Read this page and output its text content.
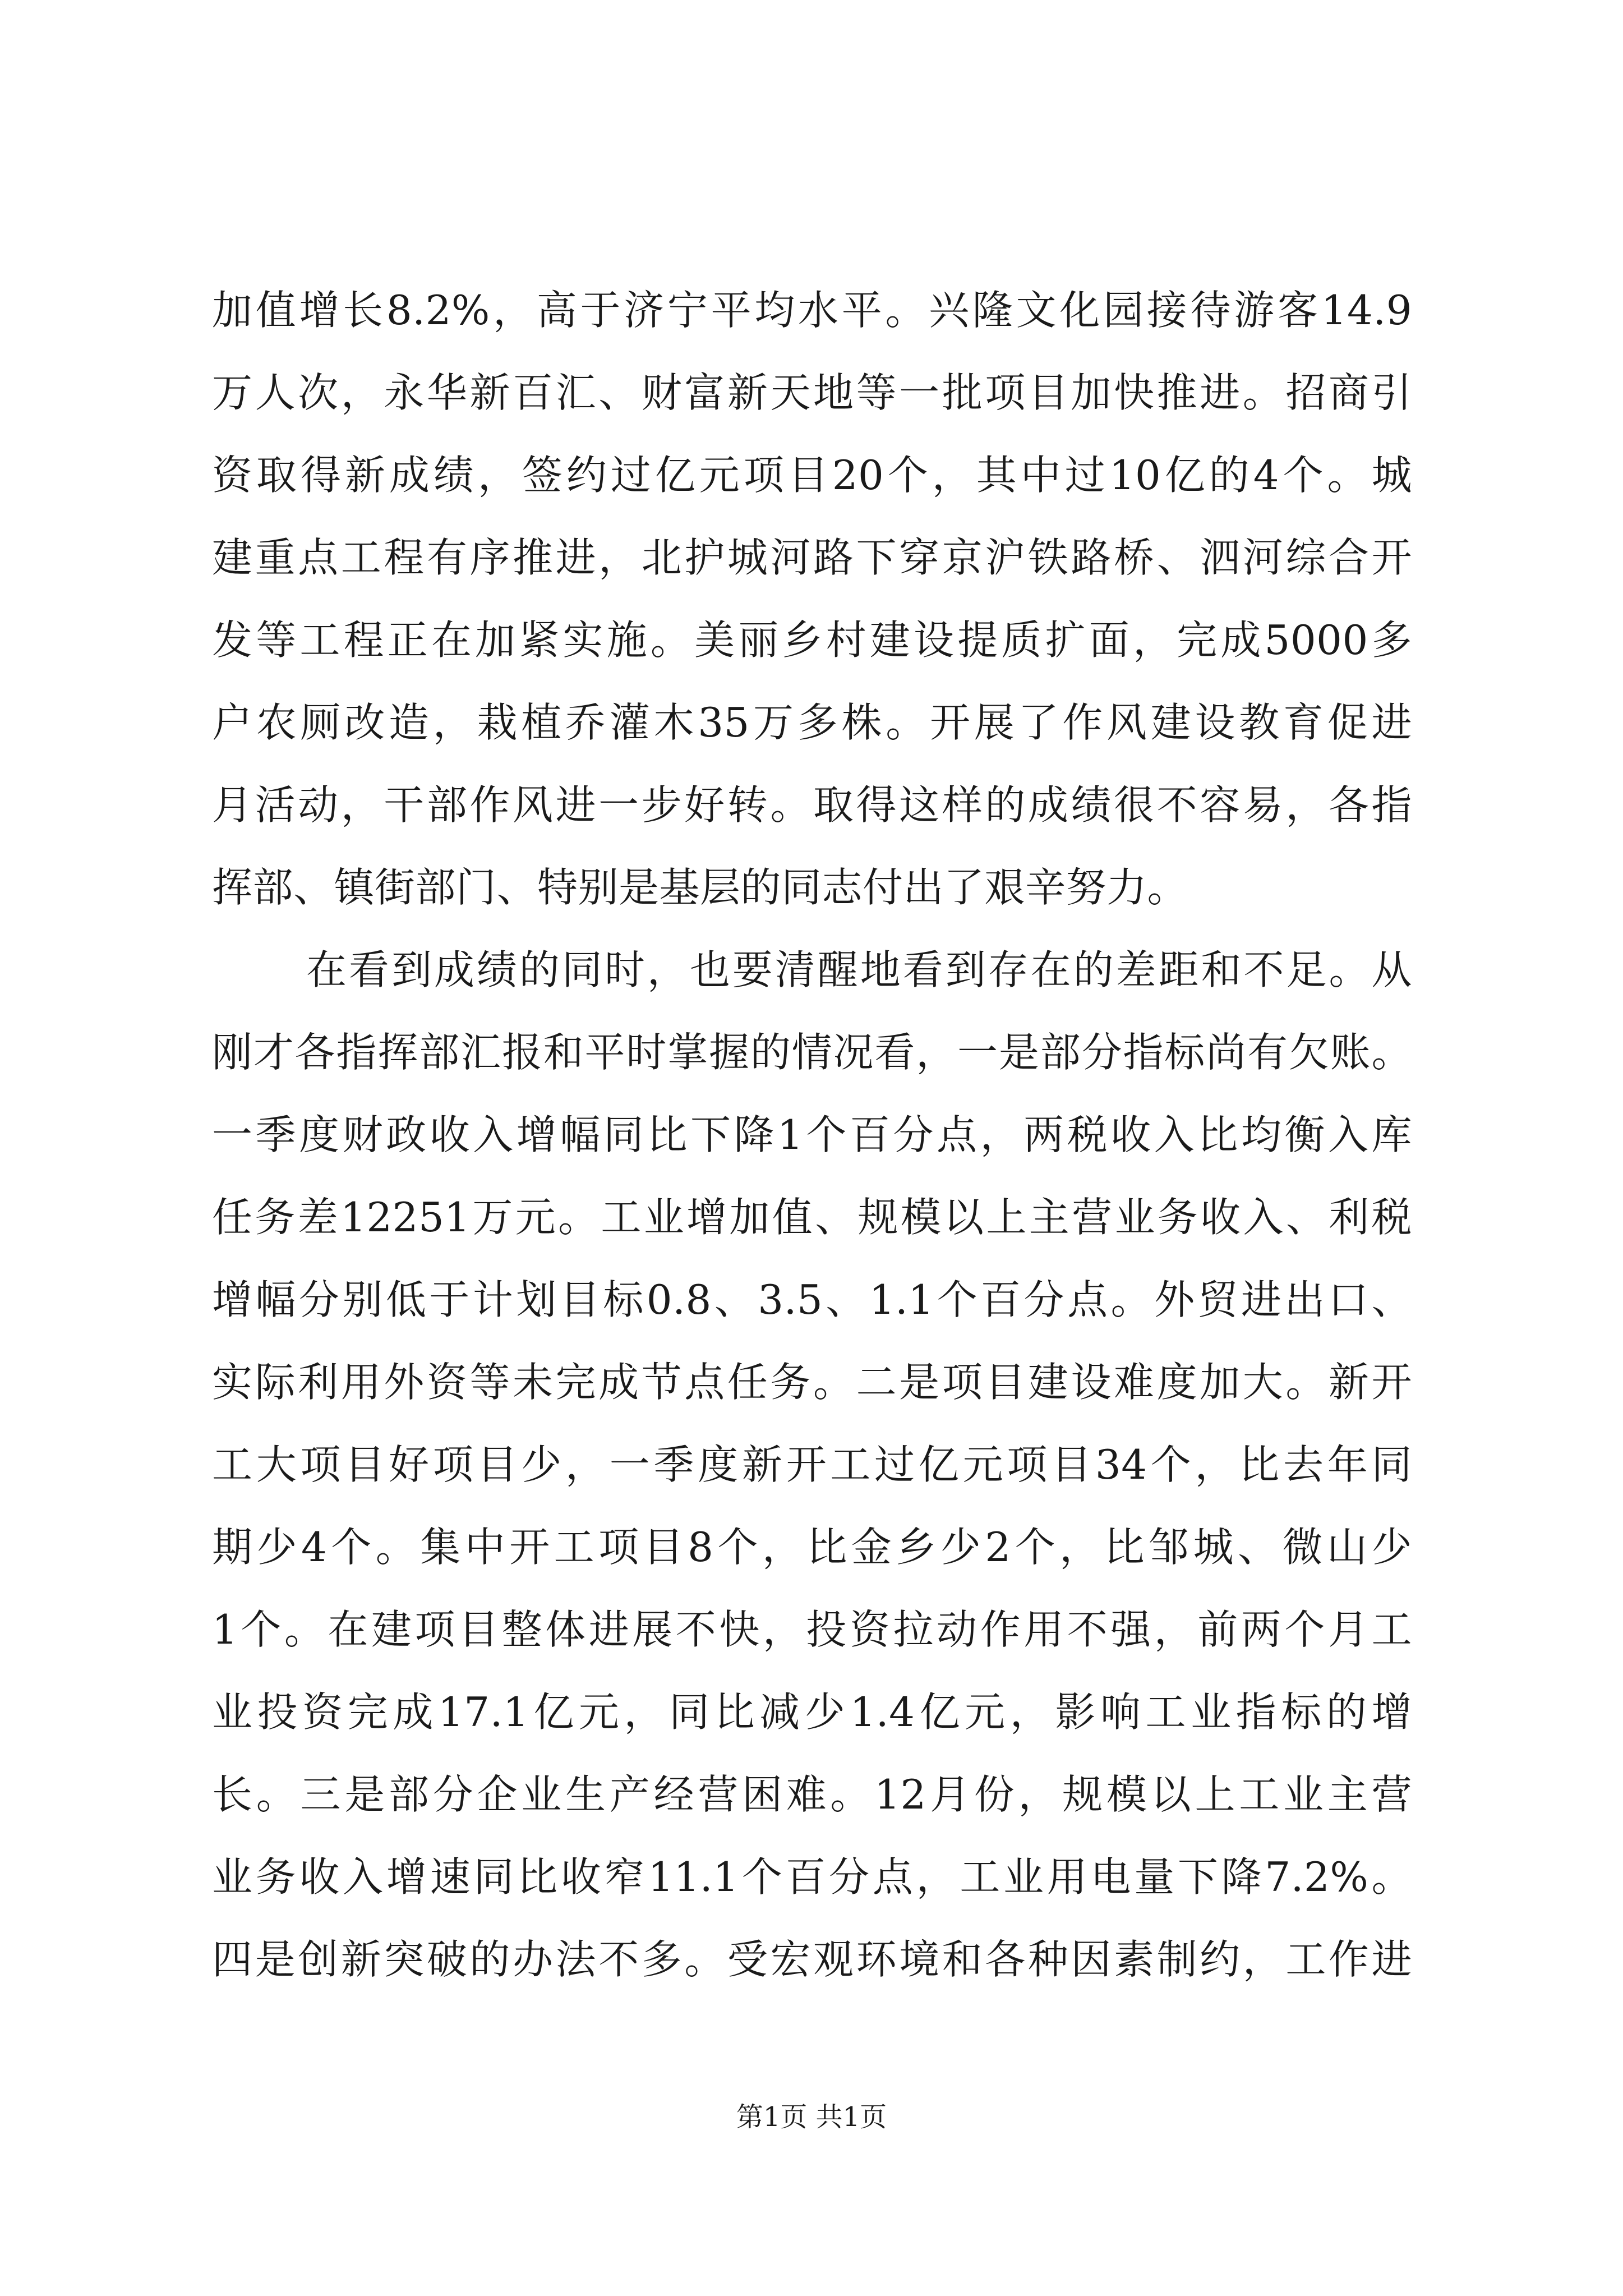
加值增长8.2%，高于济宁平均水平。兴隆文化园接待游客14.9
万人次，永华新百汇、财富新天地等一批项目加快推进。招商引
资取得新成绩，签约过亿元项目20个，其中过10亿的4个。城
建重点工程有序推进，北护城河路下穿京沪铁路桥、泗河综合开
发等工程正在加紧实施。美丽乡村建设提质扩面，完成5000多
户农厕改造，栽植乔灌木35万多株。开展了作风建设教育促进
月活动，干部作风进一步好转。取得这样的成绩很不容易，各指
挥部、镇街部门、特别是基层的同志付出了艰辛努力。
在看到成绩的同时，也要清醒地看到存在的差距和不足。从
刚才各指挥部汇报和平时掌握的情况看，一是部分指标尚有欠账。
一季度财政收入增幅同比下降1个百分点，两税收入比均衡入库
任务差12251万元。工业增加值、规模以上主营业务收入、利税
增幅分别低于计划目标0.8、3.5、1.1个百分点。外贸进出口、
实际利用外资等未完成节点任务。二是项目建设难度加大。新开
工大项目好项目少，一季度新开工过亿元项目34个，比去年同
期少4个。集中开工项目8个，比金乡少2个，比邹城、微山少
1个。在建项目整体进展不快，投资拉动作用不强，前两个月工
业投资完成17.1亿元，同比减少1.4亿元，影响工业指标的增
长。三是部分企业生产经营困难。12月份，规模以上工业主营
业务收入增速同比收窄11.1个百分点，工业用电量下降7.2%。
四是创新突破的办法不多。受宏观环境和各种因素制约，工作进
第1页 共1页
